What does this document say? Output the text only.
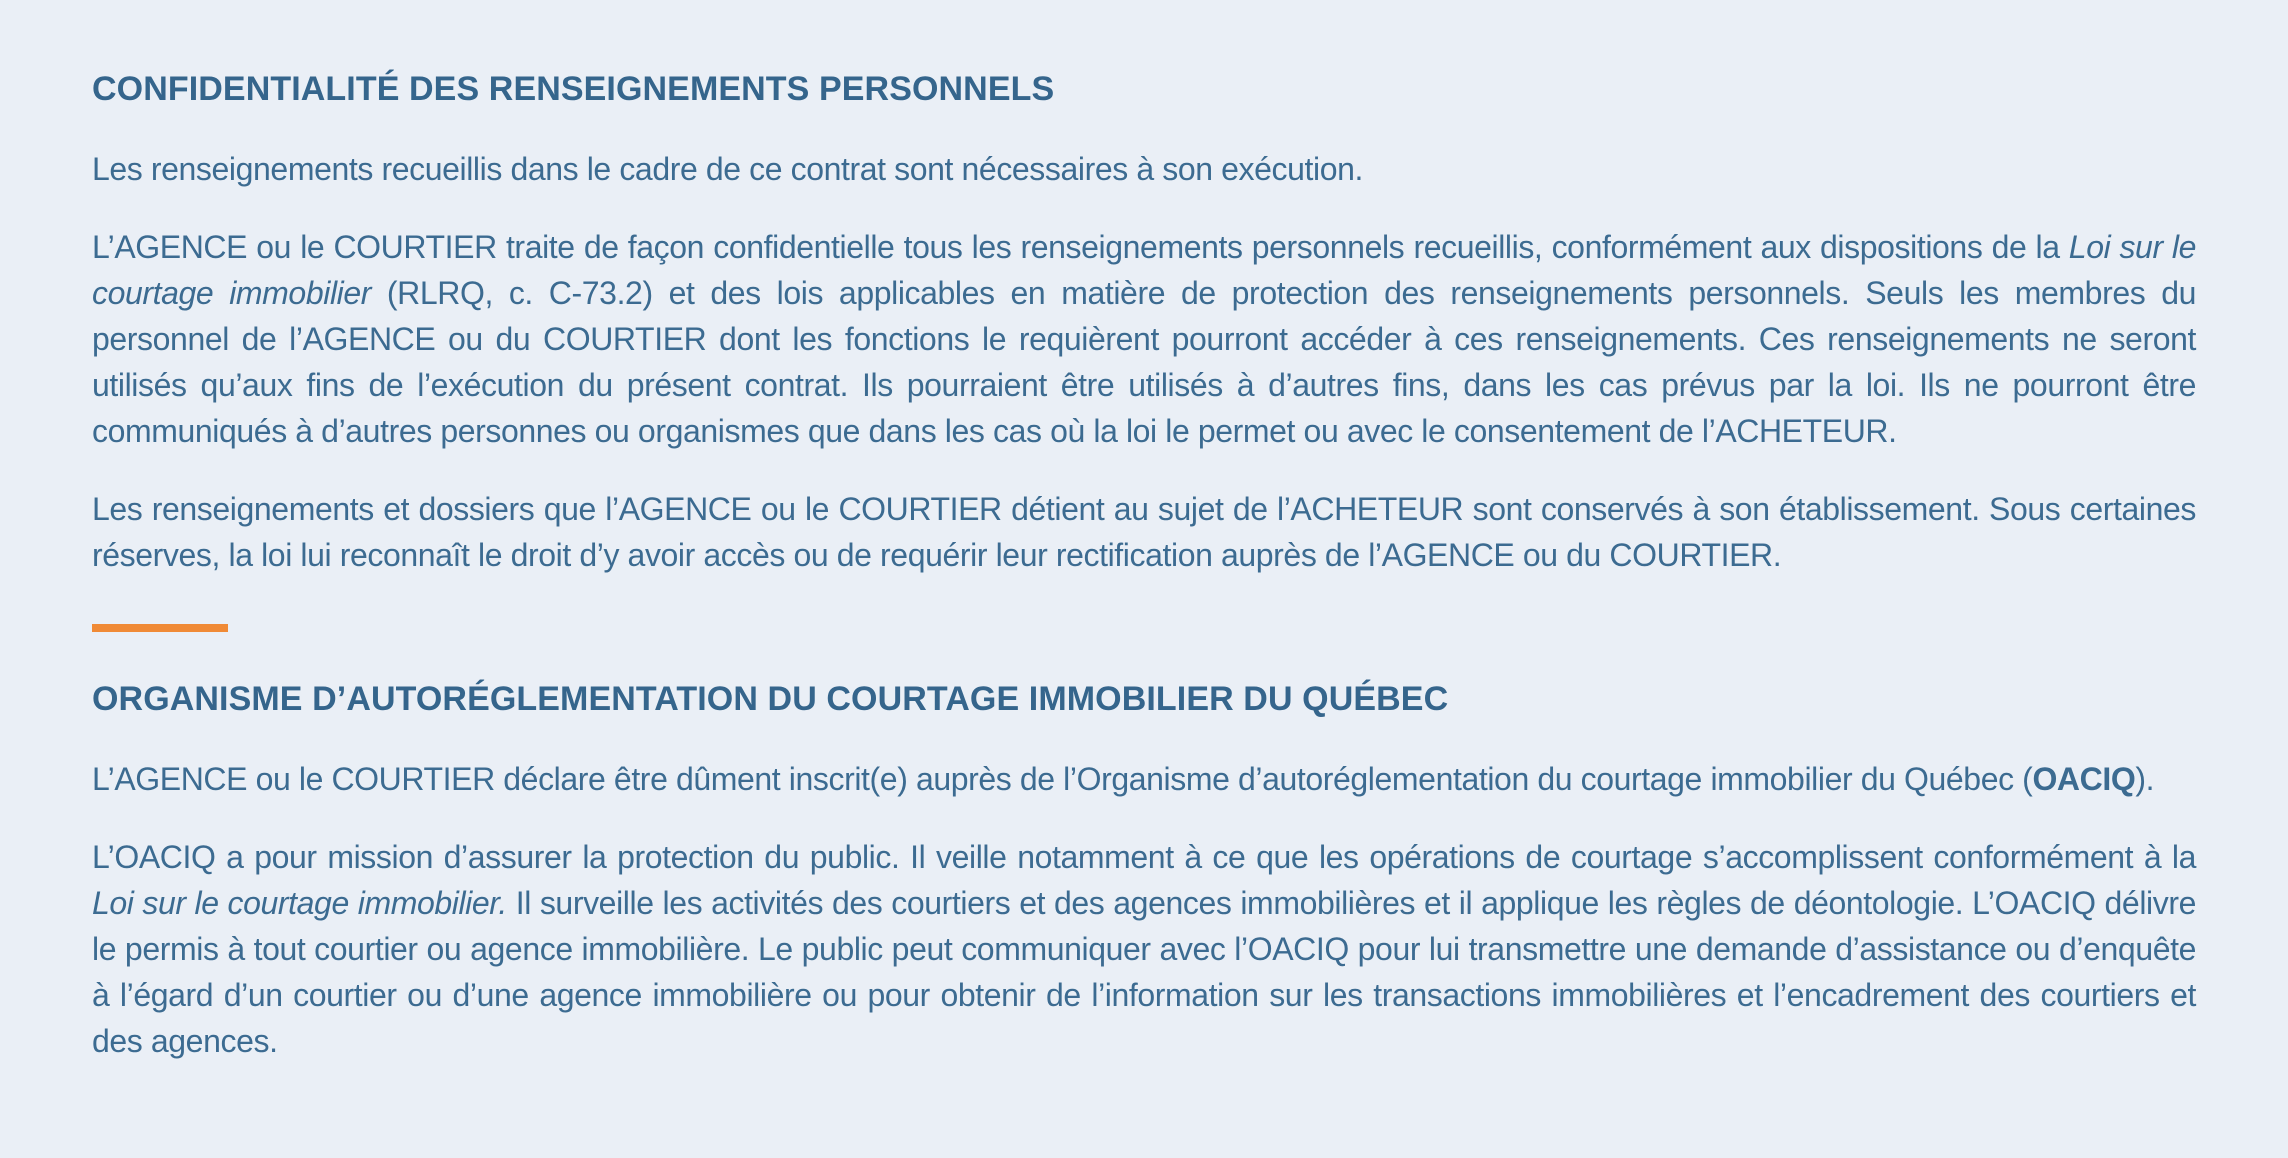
CONFIDENTIALITÉ DES RENSEIGNEMENTS PERSONNELS

Les renseignements recueillis dans le cadre de ce contrat sont nécessaires à son exécution.

L’AGENCE ou le COURTIER traite de façon confidentielle tous les renseignements personnels recueillis, conformément aux dispositions de la Loi sur le courtage immobilier (RLRQ, c. C-73.2) et des lois applicables en matière de protection des renseignements personnels. Seuls les membres du personnel de l’AGENCE ou du COURTIER dont les fonctions le requièrent pourront accéder à ces renseignements. Ces renseignements ne seront utilisés qu’aux fins de l’exécution du présent contrat. Ils pourraient être utilisés à d’autres fins, dans les cas prévus par la loi. Ils ne pourront être communiqués à d’autres personnes ou organismes que dans les cas où la loi le permet ou avec le consentement de l’ACHETEUR.

Les renseignements et dossiers que l’AGENCE ou le COURTIER détient au sujet de l’ACHETEUR sont conservés à son établissement. Sous certaines réserves, la loi lui reconnaît le droit d’y avoir accès ou de requérir leur rectification auprès de l’AGENCE ou du COURTIER.

ORGANISME D’AUTORÉGLEMENTATION DU COURTAGE IMMOBILIER DU QUÉBEC

L’AGENCE ou le COURTIER déclare être dûment inscrit(e) auprès de l’Organisme d’autoréglementation du courtage immobilier du Québec (OACIQ).

L’OACIQ a pour mission d’assurer la protection du public. Il veille notamment à ce que les opérations de courtage s’accomplissent conformément à la Loi sur le courtage immobilier. Il surveille les activités des courtiers et des agences immobilières et il applique les règles de déontologie. L’OACIQ délivre le permis à tout courtier ou agence immobilière. Le public peut communiquer avec l’OACIQ pour lui transmettre une demande d’assistance ou d’enquête à l’égard d’un courtier ou d’une agence immobilière ou pour obtenir de l’information sur les transactions immobilières et l’encadrement des courtiers et des agences.
